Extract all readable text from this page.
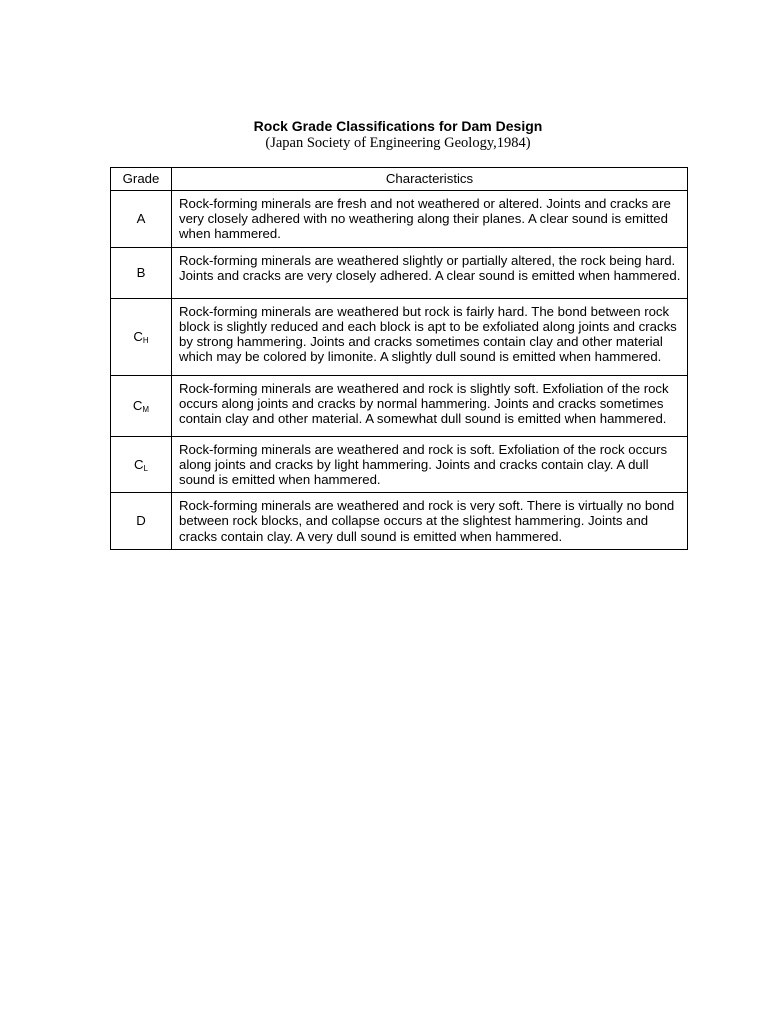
Rock Grade Classifications for Dam Design
(Japan Society of Engineering Geology,1984)
Grade	Characteristics
A	Rock-forming minerals are fresh and not weathered or altered. Joints and cracks are very closely adhered with no weathering along their planes. A clear sound is emitted when hammered.
B	Rock-forming minerals are weathered slightly or partially altered, the rock being hard. Joints and cracks are very closely adhered. A clear sound is emitted when hammered.
$C_H$	Rock-forming minerals are weathered but rock is fairly hard. The bond between rock block is slightly reduced and each block is apt to be exfoliated along joints and cracks by strong hammering. Joints and cracks sometimes contain clay and other material which may be colored by limonite. A slightly dull sound is emitted when hammered.
$C_M$	Rock-forming minerals are weathered and rock is slightly soft. Exfoliation of the rock occurs along joints and cracks by normal hammering. Joints and cracks sometimes contain clay and other material. A somewhat dull sound is emitted when hammered.
$C_L$	Rock-forming minerals are weathered and rock is soft. Exfoliation of the rock occurs along joints and cracks by light hammering. Joints and cracks contain clay. A dull sound is emitted when hammered.
D	Rock-forming minerals are weathered and rock is very soft. There is virtually no bond between rock blocks, and collapse occurs at the slightest hammering. Joints and cracks contain clay. A very dull sound is emitted when hammered.
